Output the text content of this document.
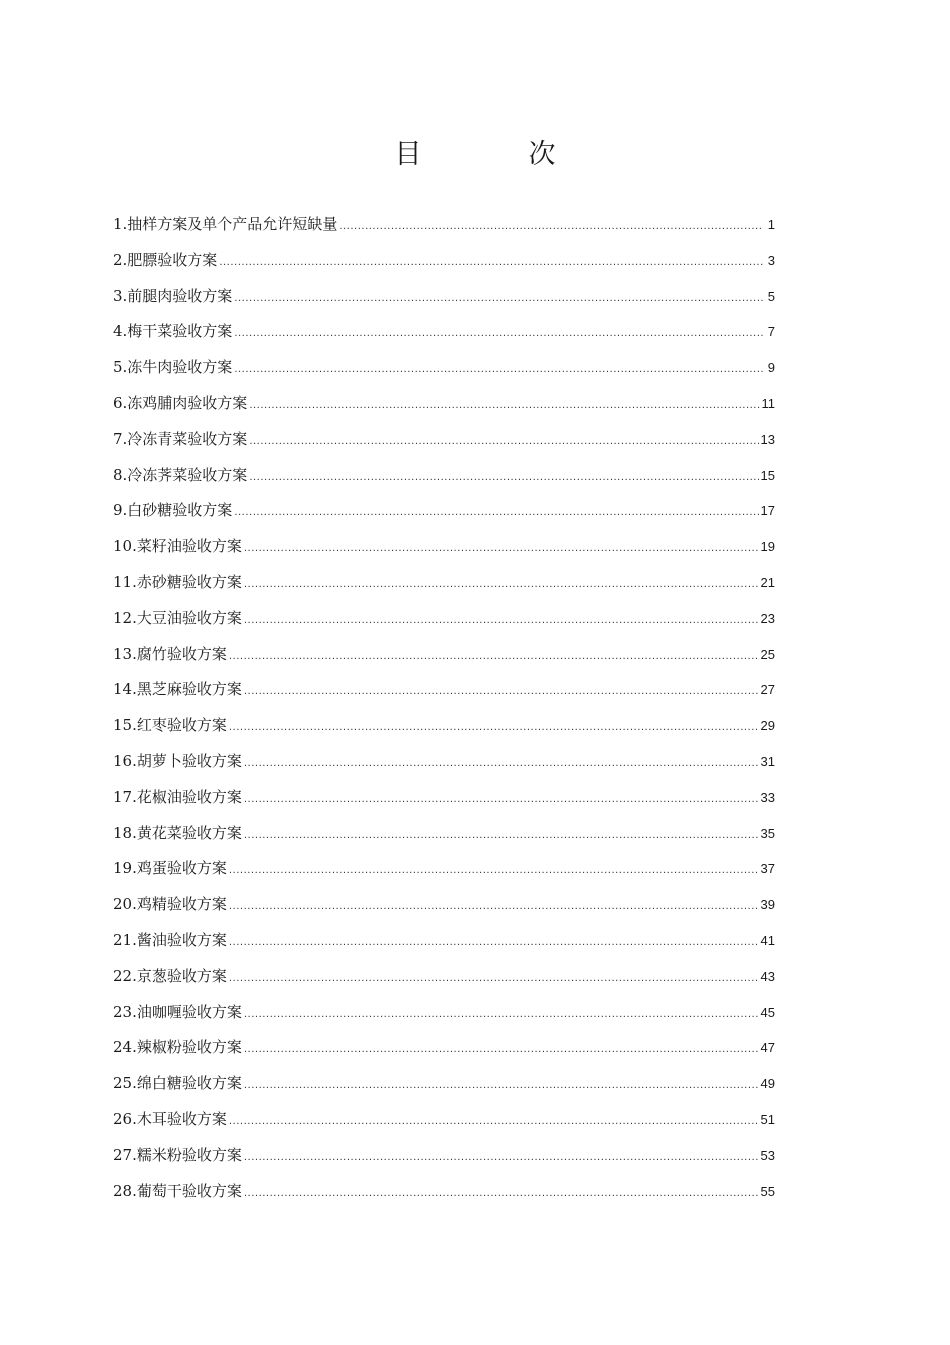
目　次
1.抽样方案及单个产品允许短缺量 .....	1
2.肥膘验收方案 .....	3
3.前腿肉验收方案 .....	5
4.梅干菜验收方案 .....	7
5.冻牛肉验收方案 .....	9
6.冻鸡脯肉验收方案 .....	11
7.冷冻青菜验收方案 .....	13
8.冷冻荠菜验收方案 .....	15
9.白砂糖验收方案 .....	17
10.菜籽油验收方案 .....	19
11.赤砂糖验收方案 .....	21
12.大豆油验收方案 .....	23
13.腐竹验收方案 .....	25
14.黑芝麻验收方案 .....	27
15.红枣验收方案 .....	29
16.胡萝卜验收方案 .....	31
17.花椒油验收方案 .....	33
18.黄花菜验收方案 .....	35
19.鸡蛋验收方案 .....	37
20.鸡精验收方案 .....	39
21.酱油验收方案 .....	41
22.京葱验收方案 .....	43
23.油咖喱验收方案 .....	45
24.辣椒粉验收方案 .....	47
25.绵白糖验收方案 .....	49
26.木耳验收方案 .....	51
27.糯米粉验收方案 .....	53
28.葡萄干验收方案 .....	55
